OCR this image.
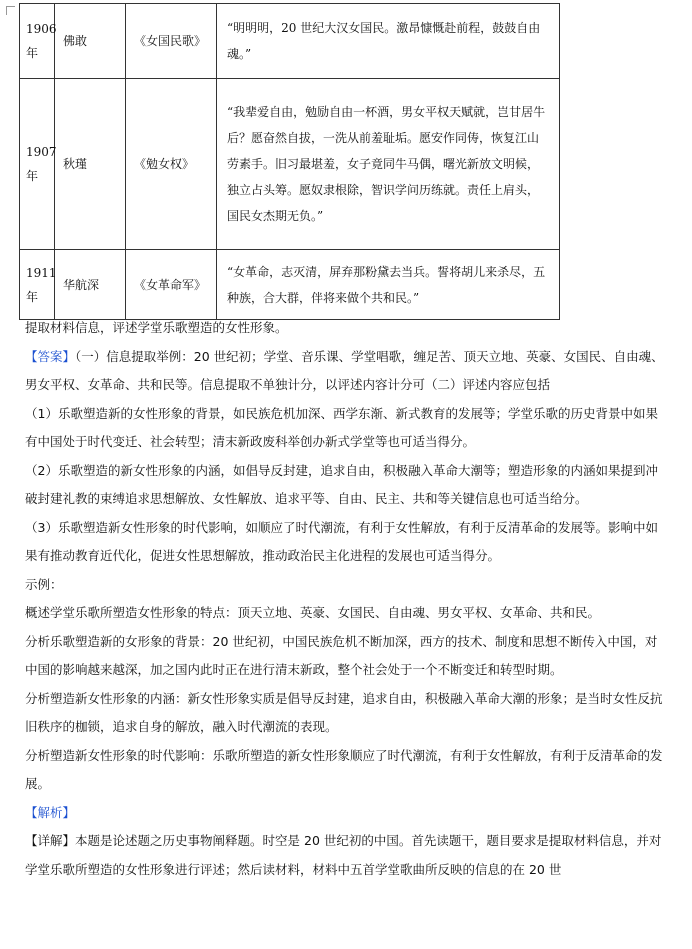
1906 年	佛敢	《女国民歌》	“明明明，20 世纪大汉女国民。激昂慷慨赴前程，鼓鼓自由魂。”
1907 年	秋瑾	《勉女权》	“我辈爱自由，勉励自由一杯酒，男女平权天赋就，岂甘居牛后？愿奋然自拔，一洗从前羞耻垢。愿安作同俦，恢复江山劳素手。旧习最堪羞，女子竟同牛马偶，曙光新放文明候，独立占头筹。愿奴隶根除，智识学问历练就。责任上肩头，国民女杰期无负。”
1911 年	华航深	《女革命军》	“女革命，志灭清，屏弃那粉黛去当兵。誓将胡儿来杀尽，五种族，合大群，伴将来做个共和民。”

提取材料信息，评述学堂乐歌塑造的女性形象。

【答案】（一）信息提取举例：20 世纪初；学堂、音乐课、学堂唱歌，缠足苦、顶天立地、英豪、女国民、自由魂、男女平权、女革命、共和民等。信息提取不单独计分，以评述内容计分可（二）评述内容应包括

（1）乐歌塑造新的女性形象的背景，如民族危机加深、西学东渐、新式教育的发展等；学堂乐歌的历史背景中如果有中国处于时代变迁、社会转型；清末新政废科举创办新式学堂等也可适当得分。

（2）乐歌塑造的新女性形象的内涵，如倡导反封建，追求自由，积极融入革命大潮等；塑造形象的内涵如果提到冲破封建礼教的束缚追求思想解放、女性解放、追求平等、自由、民主、共和等关键信息也可适当给分。

（3）乐歌塑造新女性形象的时代影响，如顺应了时代潮流，有利于女性解放，有利于反清革命的发展等。影响中如果有推动教育近代化，促进女性思想解放，推动政治民主化进程的发展也可适当得分。

示例：

概述学堂乐歌所塑造女性形象的特点：顶天立地、英豪、女国民、自由魂、男女平权、女革命、共和民。

分析乐歌塑造新的女形象的背景：20 世纪初，中国民族危机不断加深，西方的技术、制度和思想不断传入中国，对中国的影响越来越深，加之国内此时正在进行清末新政，整个社会处于一个不断变迁和转型时期。

分析塑造新女性形象的内涵：新女性形象实质是倡导反封建，追求自由，积极融入革命大潮的形象；是当时女性反抗旧秩序的枷锁，追求自身的解放，融入时代潮流的表现。

分析塑造新女性形象的时代影响：乐歌所塑造的新女性形象顺应了时代潮流，有利于女性解放，有利于反清革命的发展。

【解析】

【详解】本题是论述题之历史事物阐释题。时空是 20 世纪初的中国。首先读题干，题目要求是提取材料信息，并对学堂乐歌所塑造的女性形象进行评述；然后读材料，材料中五首学堂歌曲所反映的信息的在 20 世
